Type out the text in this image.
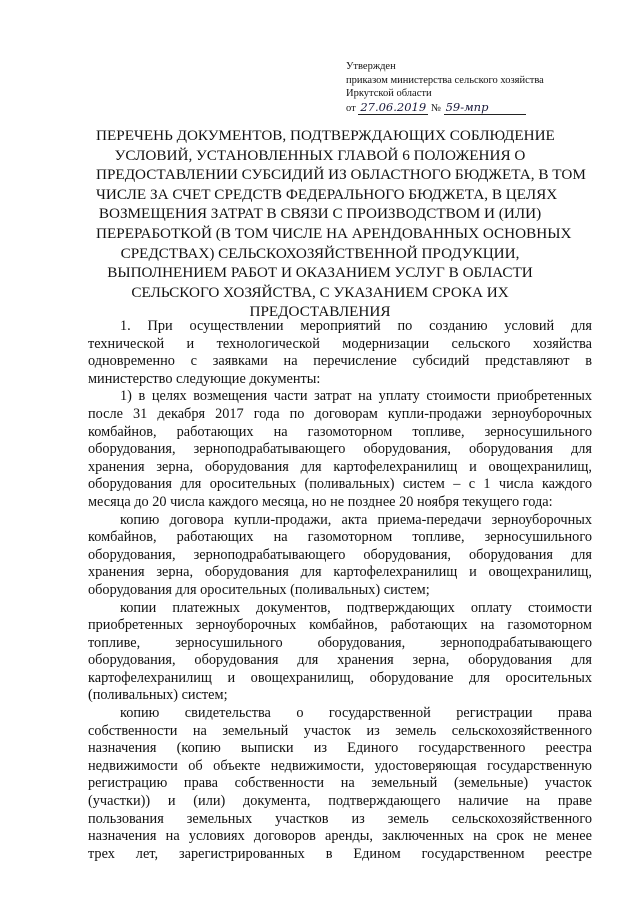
Утвержден
приказом министерства сельского хозяйства
Иркутской области
от 27.06.2019 № 59-мпр
ПЕРЕЧЕНЬ ДОКУМЕНТОВ, ПОДТВЕРЖДАЮЩИХ СОБЛЮДЕНИЕ
УСЛОВИЙ, УСТАНОВЛЕННЫХ ГЛАВОЙ 6 ПОЛОЖЕНИЯ О
ПРЕДОСТАВЛЕНИИ СУБСИДИЙ ИЗ ОБЛАСТНОГО БЮДЖЕТА, В ТОМ
ЧИСЛЕ ЗА СЧЕТ СРЕДСТВ ФЕДЕРАЛЬНОГО БЮДЖЕТА, В ЦЕЛЯХ
ВОЗМЕЩЕНИЯ ЗАТРАТ В СВЯЗИ С ПРОИЗВОДСТВОМ И (ИЛИ)
ПЕРЕРАБОТКОЙ (В ТОМ ЧИСЛЕ НА АРЕНДОВАННЫХ ОСНОВНЫХ
СРЕДСТВАХ) СЕЛЬСКОХОЗЯЙСТВЕННОЙ ПРОДУКЦИИ,
ВЫПОЛНЕНИЕМ РАБОТ И ОКАЗАНИЕМ УСЛУГ В ОБЛАСТИ
СЕЛЬСКОГО ХОЗЯЙСТВА, С УКАЗАНИЕМ СРОКА ИХ
ПРЕДОСТАВЛЕНИЯ
1. При осуществлении мероприятий по созданию условий для
технической и технологической модернизации сельского хозяйства
одновременно с заявками на перечисление субсидий представляют в
министерство следующие документы:
1) в целях возмещения части затрат на уплату стоимости приобретенных
после 31 декабря 2017 года по договорам купли-продажи зерноуборочных
комбайнов, работающих на газомоторном топливе, зерносушильного
оборудования, зерноподрабатывающего оборудования, оборудования для
хранения зерна, оборудования для картофелехранилищ и овощехранилищ,
оборудования для оросительных (поливальных) систем – с 1 числа каждого
месяца до 20 числа каждого месяца, но не позднее 20 ноября текущего года:
копию договора купли-продажи, акта приема-передачи зерноуборочных
комбайнов, работающих на газомоторном топливе, зерносушильного
оборудования, зерноподрабатывающего оборудования, оборудования для
хранения зерна, оборудования для картофелехранилищ и овощехранилищ,
оборудования для оросительных (поливальных) систем;
копии платежных документов, подтверждающих оплату стоимости
приобретенных зерноуборочных комбайнов, работающих на газомоторном
топливе, зерносушильного оборудования, зерноподрабатывающего
оборудования, оборудования для хранения зерна, оборудования для
картофелехранилищ и овощехранилищ, оборудование для оросительных
(поливальных) систем;
копию свидетельства о государственной регистрации права
собственности на земельный участок из земель сельскохозяйственного
назначения (копию выписки из Единого государственного реестра
недвижимости об объекте недвижимости, удостоверяющая государственную
регистрацию права собственности на земельный (земельные) участок
(участки)) и (или) документа, подтверждающего наличие на праве
пользования земельных участков из земель сельскохозяйственного
назначения на условиях договоров аренды, заключенных на срок не менее
трех лет, зарегистрированных в Едином государственном реестре
